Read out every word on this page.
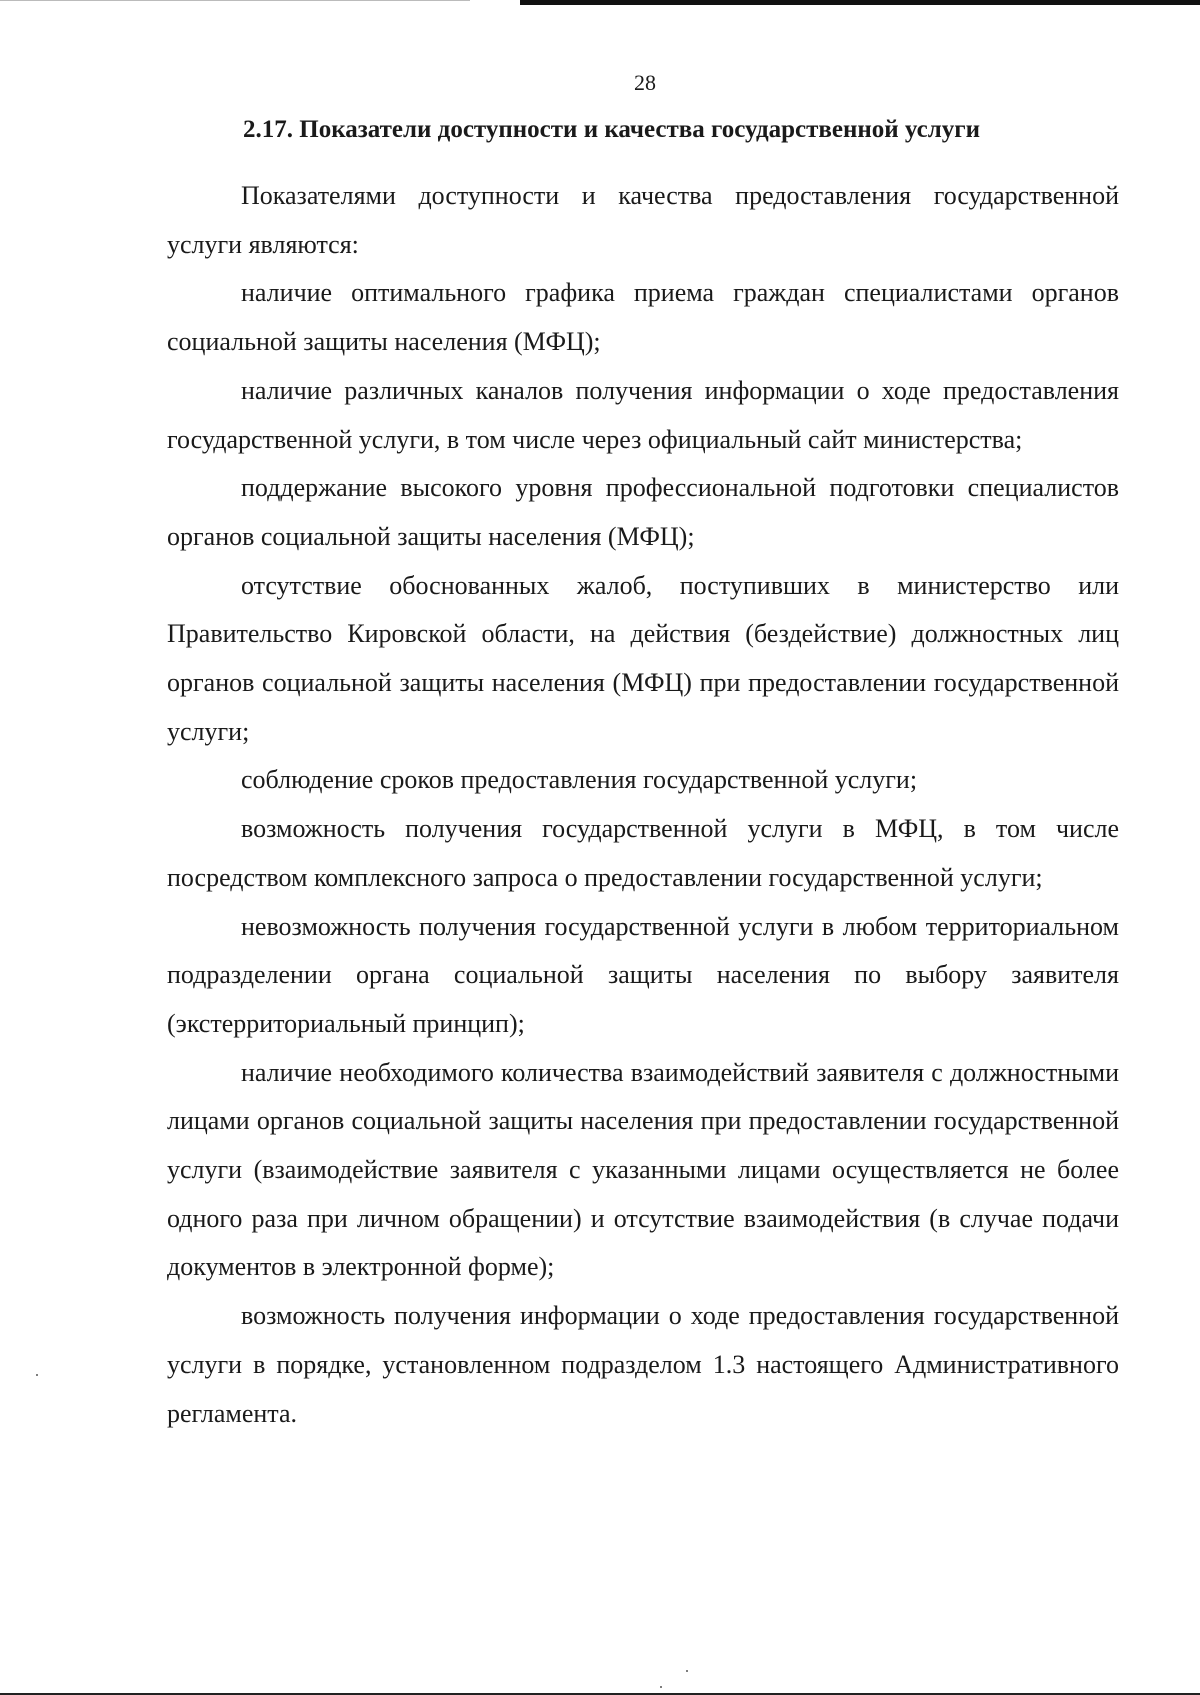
28
2.17. Показатели доступности и качества государственной услуги

Показателями доступности и качества предоставления государственной услуги являются:

наличие оптимального графика приема граждан специалистами органов социальной защиты населения (МФЦ);

наличие различных каналов получения информации о ходе предоставления государственной услуги, в том числе через официальный сайт министерства;

поддержание высокого уровня профессиональной подготовки специалистов органов социальной защиты населения (МФЦ);

отсутствие обоснованных жалоб, поступивших в министерство или Правительство Кировской области, на действия (бездействие) должностных лиц органов социальной защиты населения (МФЦ) при предоставлении государственной услуги;

соблюдение сроков предоставления государственной услуги;

возможность получения государственной услуги в МФЦ, в том числе посредством комплексного запроса о предоставлении государственной услуги;

невозможность получения государственной услуги в любом территориальном подразделении органа социальной защиты населения по выбору заявителя (экстерриториальный принцип);

наличие необходимого количества взаимодействий заявителя с должностными лицами органов социальной защиты населения при предоставлении государственной услуги (взаимодействие заявителя с указанными лицами осуществляется не более одного раза при личном обращении) и отсутствие взаимодействия (в случае подачи документов в электронной форме);

возможность получения информации о ходе предоставления государственной услуги в порядке, установленном подразделом 1.3 настоящего Административного регламента.
